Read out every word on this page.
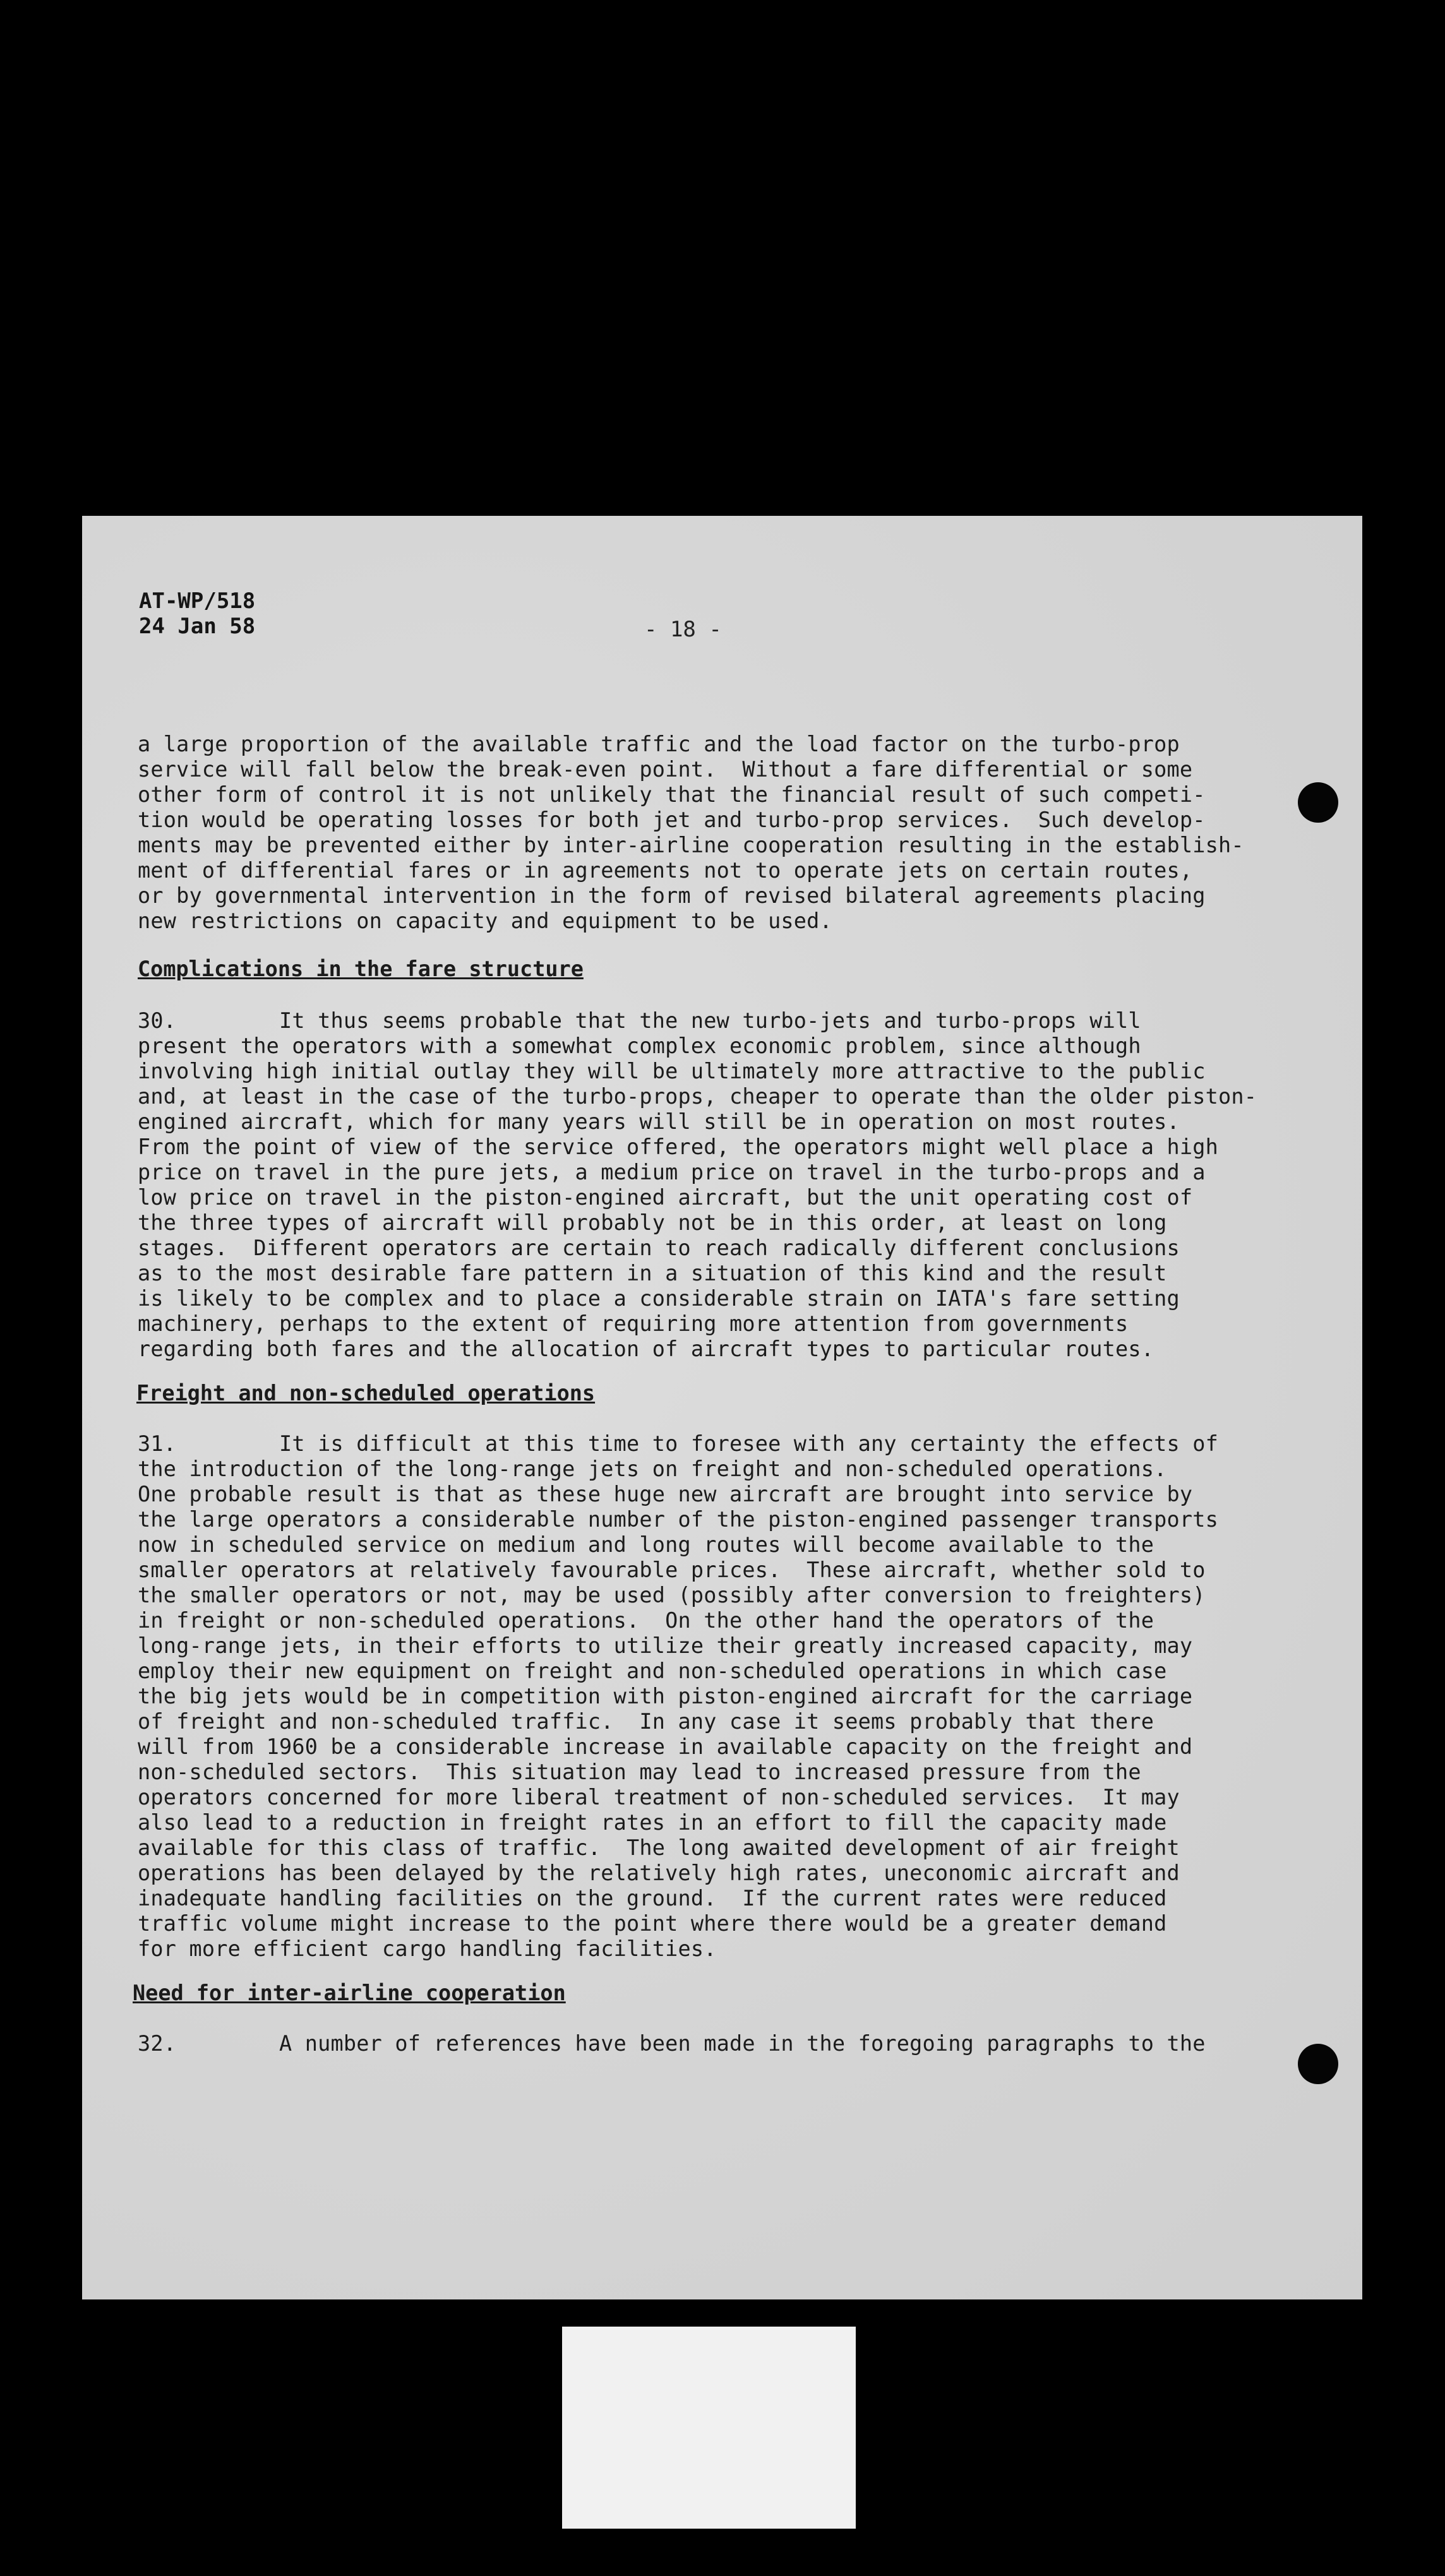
AT-WP/518
24 Jan 58	- 18 -
a large proportion of the available traffic and the load factor on the turbo-prop
service will fall below the break-even point.  Without a fare differential or some
other form of control it is not unlikely that the financial result of such competi-
tion would be operating losses for both jet and turbo-prop services.  Such develop-
ments may be prevented either by inter-airline cooperation resulting in the establish-
ment of differential fares or in agreements not to operate jets on certain routes,
or by governmental intervention in the form of revised bilateral agreements placing
new restrictions on capacity and equipment to be used.
Complications in the fare structure
30.        It thus seems probable that the new turbo-jets and turbo-props will
present the operators with a somewhat complex economic problem, since although
involving high initial outlay they will be ultimately more attractive to the public
and, at least in the case of the turbo-props, cheaper to operate than the older piston-
engined aircraft, which for many years will still be in operation on most routes.
From the point of view of the service offered, the operators might well place a high
price on travel in the pure jets, a medium price on travel in the turbo-props and a
low price on travel in the piston-engined aircraft, but the unit operating cost of
the three types of aircraft will probably not be in this order, at least on long
stages.  Different operators are certain to reach radically different conclusions
as to the most desirable fare pattern in a situation of this kind and the result
is likely to be complex and to place a considerable strain on IATA's fare setting
machinery, perhaps to the extent of requiring more attention from governments
regarding both fares and the allocation of aircraft types to particular routes.
Freight and non-scheduled operations
31.        It is difficult at this time to foresee with any certainty the effects of
the introduction of the long-range jets on freight and non-scheduled operations.
One probable result is that as these huge new aircraft are brought into service by
the large operators a considerable number of the piston-engined passenger transports
now in scheduled service on medium and long routes will become available to the
smaller operators at relatively favourable prices.  These aircraft, whether sold to
the smaller operators or not, may be used (possibly after conversion to freighters)
in freight or non-scheduled operations.  On the other hand the operators of the
long-range jets, in their efforts to utilize their greatly increased capacity, may
employ their new equipment on freight and non-scheduled operations in which case
the big jets would be in competition with piston-engined aircraft for the carriage
of freight and non-scheduled traffic.  In any case it seems probably that there
will from 1960 be a considerable increase in available capacity on the freight and
non-scheduled sectors.  This situation may lead to increased pressure from the
operators concerned for more liberal treatment of non-scheduled services.  It may
also lead to a reduction in freight rates in an effort to fill the capacity made
available for this class of traffic.  The long awaited development of air freight
operations has been delayed by the relatively high rates, uneconomic aircraft and
inadequate handling facilities on the ground.  If the current rates were reduced
traffic volume might increase to the point where there would be a greater demand
for more efficient cargo handling facilities.
Need for inter-airline cooperation
32.        A number of references have been made in the foregoing paragraphs to the
